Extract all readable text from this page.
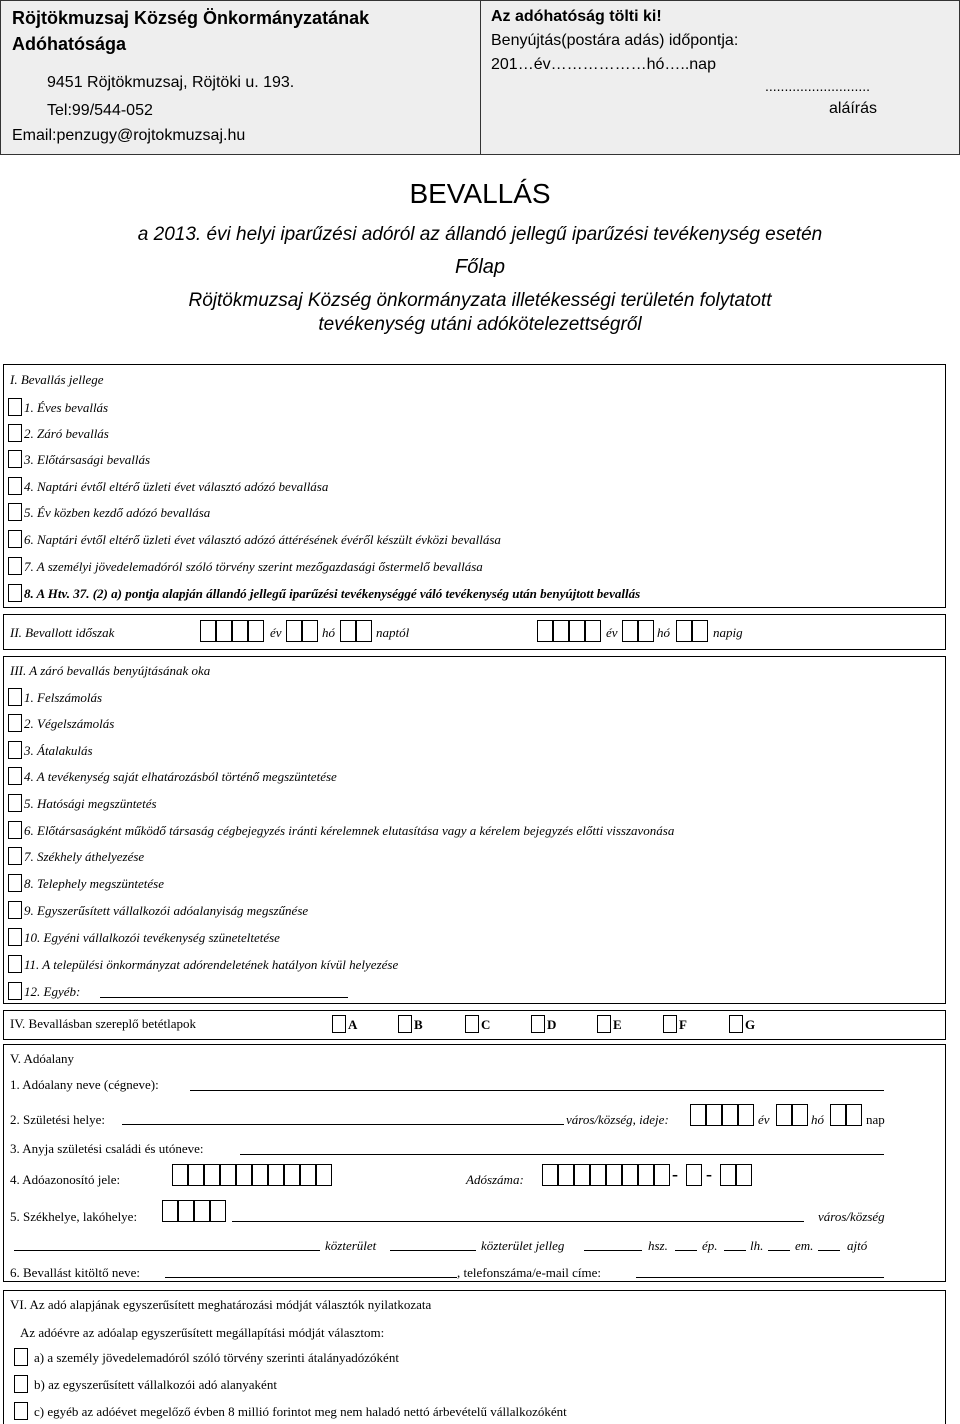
Röjtökmuzsaj Község Önkormányzatának
Adóhatósága
9451 Röjtökmuzsaj, Röjtöki u. 193.
Tel:99/544-052
Email:penzugy@rojtokmuzsaj.hu
Az adóhatóság tölti ki!
Benyújtás(postára adás) időpontja:
201…év………………hó…..nap
...........................
aláírás
BEVALLÁS
a 2013. évi helyi iparűzési adóról az állandó jellegű iparűzési tevékenység esetén
Főlap
Röjtökmuzsaj Község önkormányzata illetékességi területén folytatott
tevékenység utáni adókötelezettségről
I. Bevallás jellege
1. Éves bevallás
2. Záró bevallás
3. Előtársasági bevallás
4. Naptári évtől eltérő üzleti évet választó adózó bevallása
5. Év közben kezdő adózó bevallása
6. Naptári évtől eltérő üzleti évet választó adózó áttérésének évéről készült évközi bevallása
7. A személyi jövedelemadóról szóló törvény szerint mezőgazdasági őstermelő bevallása
8. A Htv. 37. (2) a) pontja alapján állandó jellegű iparűzési tevékenységgé váló tevékenység után benyújtott bevallás
II. Bevallott időszak	év	hó	naptól	év	hó	napig
III. A záró bevallás benyújtásának oka
1. Felszámolás
2. Végelszámolás
3. Átalakulás
4. A tevékenység saját elhatározásból történő megszüntetése
5. Hatósági megszüntetés
6. Előtársaságként működő társaság cégbejegyzés iránti kérelemnek elutasítása vagy a kérelem bejegyzés előtti visszavonása
7. Székhely áthelyezése
8. Telephely megszüntetése
9. Egyszerűsített vállalkozói adóalanyiság megszűnése
10. Egyéni vállalkozói tevékenység szüneteltetése
11. A települési önkormányzat adórendeletének hatályon kívül helyezése
12. Egyéb:
IV. Bevallásban szereplő betétlapok	A	B	C	D	E	F	G
V. Adóalany
1. Adóalany neve (cégneve):
2. Születési helye:	város/község, ideje:	év	hó	nap
3. Anyja születési családi és utóneve:
4. Adóazonosító jele:	Adószáma:	- -
5. Székhelye, lakóhelye:	város/község
közterület	közterület jelleg	hsz.	ép. lh. em.	ajtó
6. Bevallást kitöltő neve:	, telefonszáma/e-mail címe:
VI. Az adó alapjának egyszerűsített meghatározási módját választók nyilatkozata
Az adóévre az adóalap egyszerűsített megállapítási módját választom:
a) a személy jövedelemadóról szóló törvény szerinti átalányadózóként
b) az egyszerűsített vállalkozói adó alanyaként
c) egyéb az adóévet megelőző évben 8 millió forintot meg nem haladó nettó árbevételű vállalkozóként
